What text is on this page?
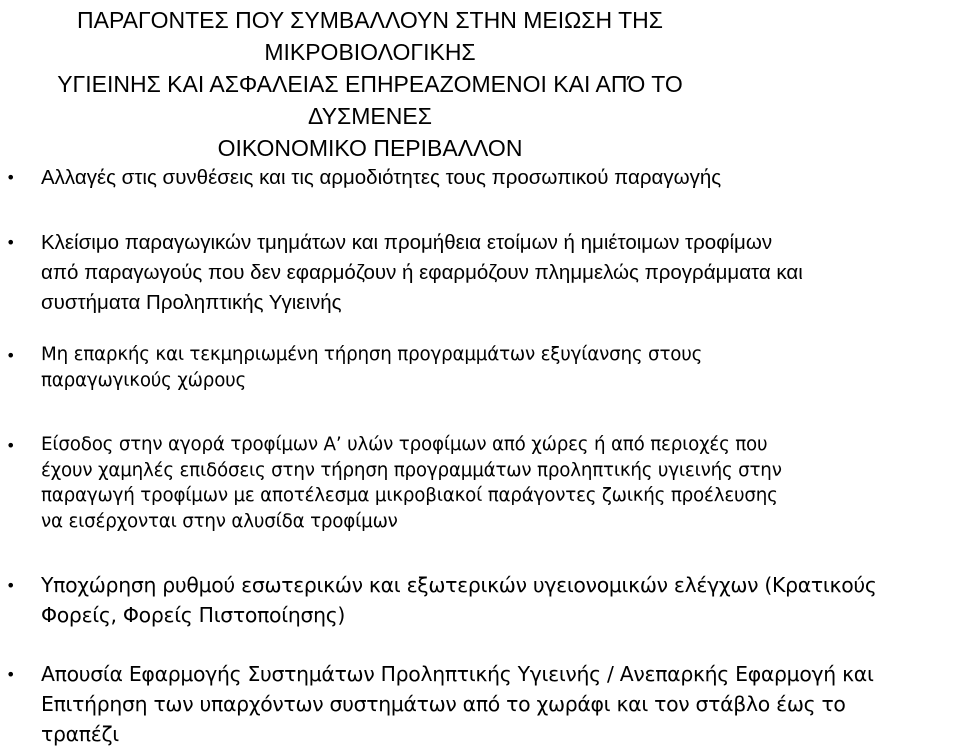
ΠΑΡΑΓΟΝΤΕΣ ΠΟΥ ΣΥΜΒΑΛΛΟΥΝ ΣΤΗΝ ΜΕΙΩΣΗ ΤΗΣ ΜΙΚΡΟΒΙΟΛΟΓΙΚΗΣ
ΥΓΙΕΙΝΗΣ ΚΑΙ ΑΣΦΑΛΕΙΑΣ ΕΠΗΡΕΑΖΟΜΕΝΟΙ ΚΑΙ ΑΠΌ ΤΟ ΔΥΣΜΕΝΕΣ
ΟΙΚΟΝΟΜΙΚΟ ΠΕΡΙΒΑΛΛΟΝ
• Αλλαγές στις συνθέσεις και τις αρμοδιότητες τους προσωπικού παραγωγής
• Κλείσιμο παραγωγικών τμημάτων και προμήθεια ετοίμων ή ημιέτοιμων τροφίμων
από παραγωγούς που δεν εφαρμόζουν ή εφαρμόζουν πλημμελώς προγράμματα και
συστήματα Προληπτικής Υγιεινής
• Μη επαρκής και τεκμηριωμένη τήρηση προγραμμάτων εξυγίανσης στους
παραγωγικούς χώρους
• Είσοδος στην αγορά τροφίμων Α’ υλών τροφίμων από χώρες ή από περιοχές που
έχουν χαμηλές επιδόσεις στην τήρηση προγραμμάτων προληπτικής υγιεινής στην
παραγωγή τροφίμων με αποτέλεσμα μικροβιακοί παράγοντες ζωικής προέλευσης
να εισέρχονται στην αλυσίδα τροφίμων
• Υποχώρηση ρυθμού εσωτερικών και εξωτερικών υγειονομικών ελέγχων (Κρατικούς
Φορείς, Φορείς Πιστοποίησης)
• Απουσία Εφαρμογής Συστημάτων Προληπτικής Υγιεινής / Ανεπαρκής Εφαρμογή και
Επιτήρηση των υπαρχόντων συστημάτων από το χωράφι και τον στάβλο έως το
τραπέζι
